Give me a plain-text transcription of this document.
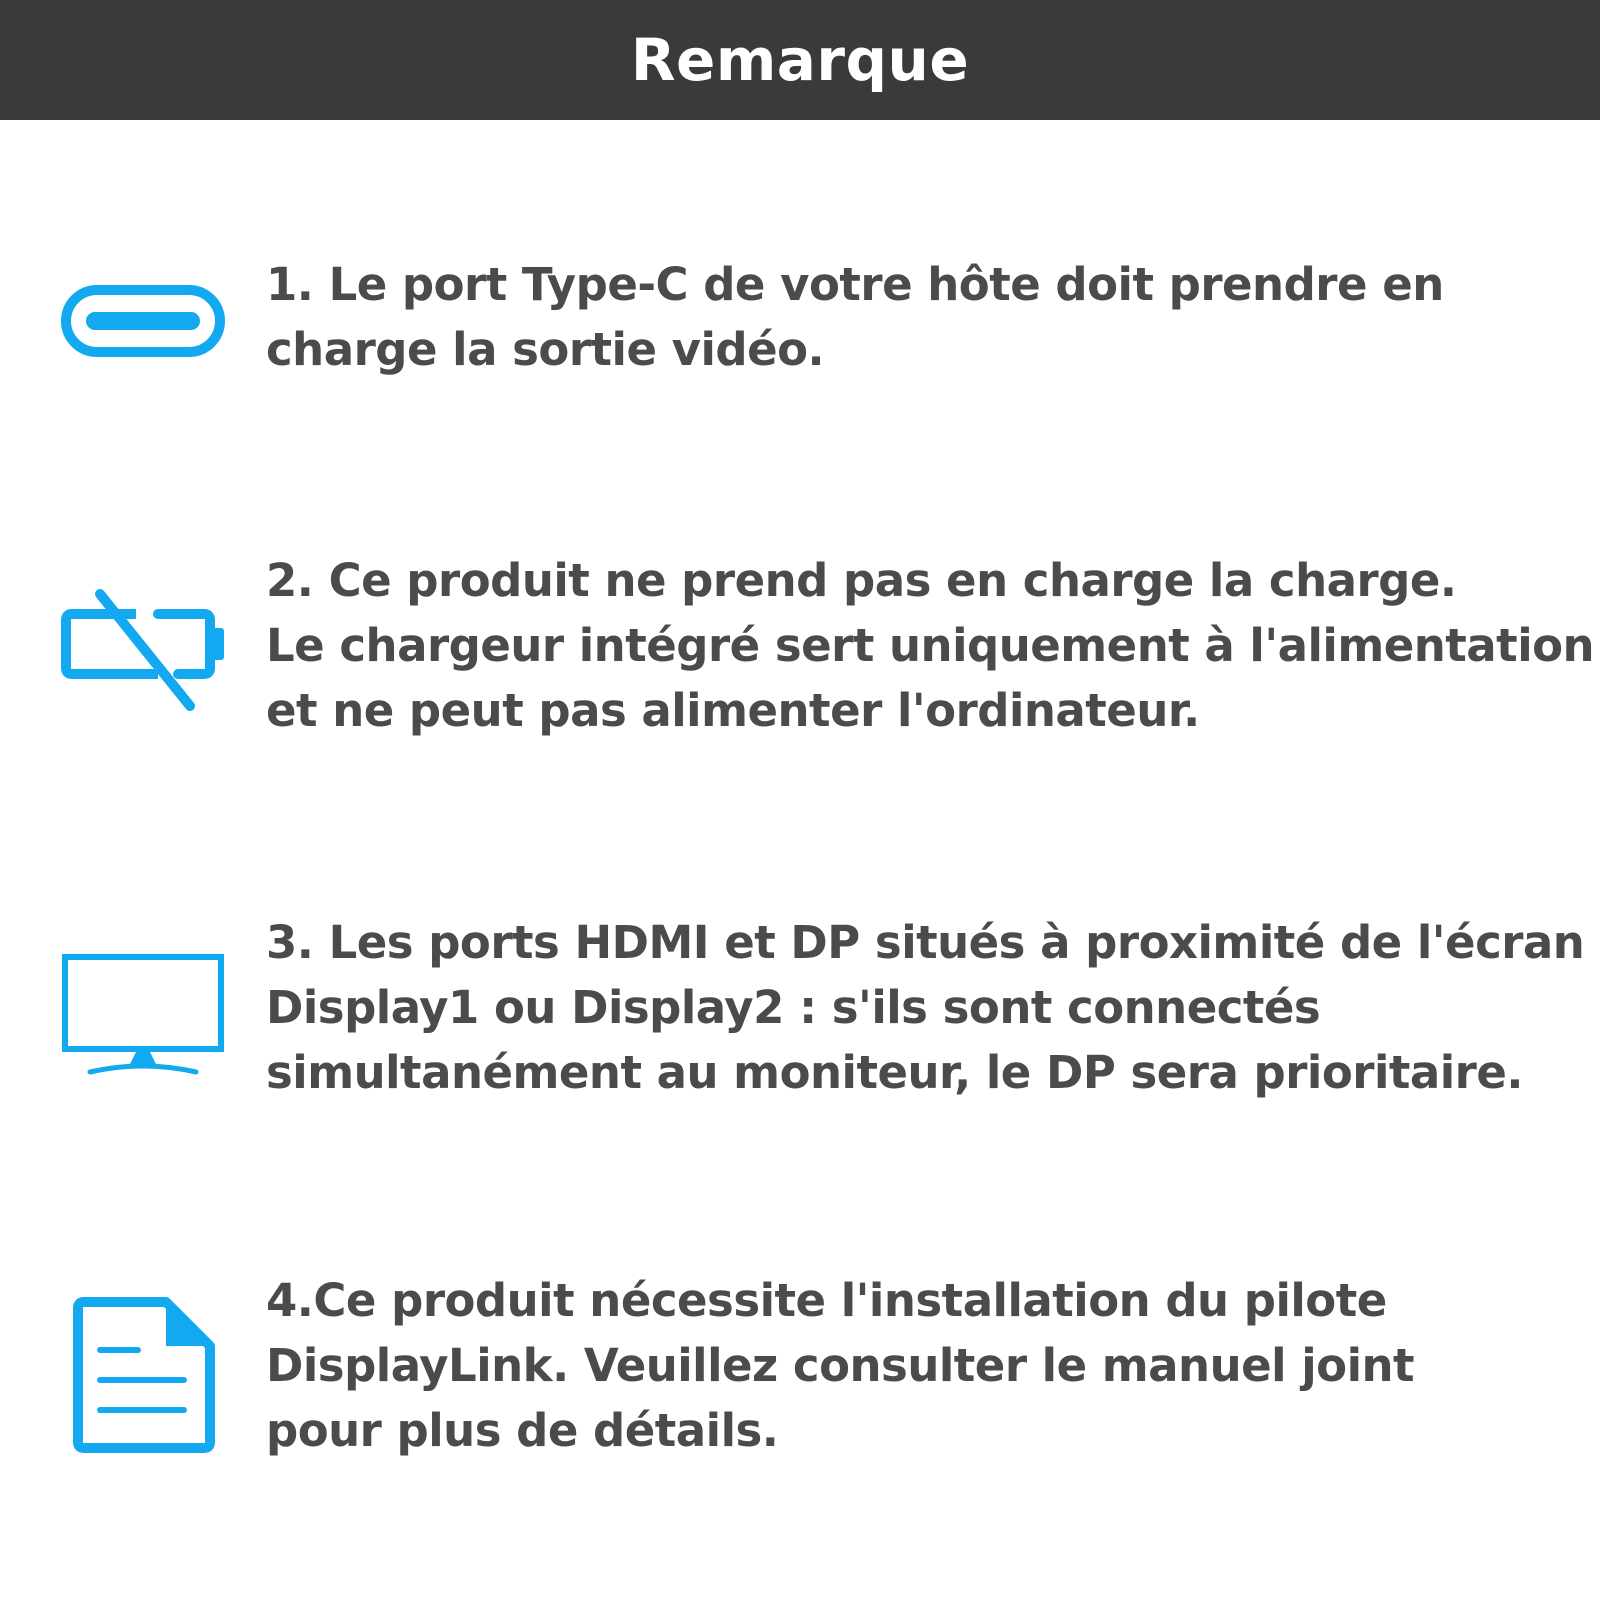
Remarque
1. Le port Type-C de votre hôte doit prendre en
charge la sortie vidéo.
2. Ce produit ne prend pas en charge la charge.
Le chargeur intégré sert uniquement à l'alimentation
et ne peut pas alimenter l'ordinateur.
3. Les ports HDMI et DP situés à proximité de l'écran
Display1 ou Display2 : s'ils sont connectés
simultanément au moniteur, le DP sera prioritaire.
4.Ce produit nécessite l'installation du pilote
DisplayLink. Veuillez consulter le manuel joint
pour plus de détails.
